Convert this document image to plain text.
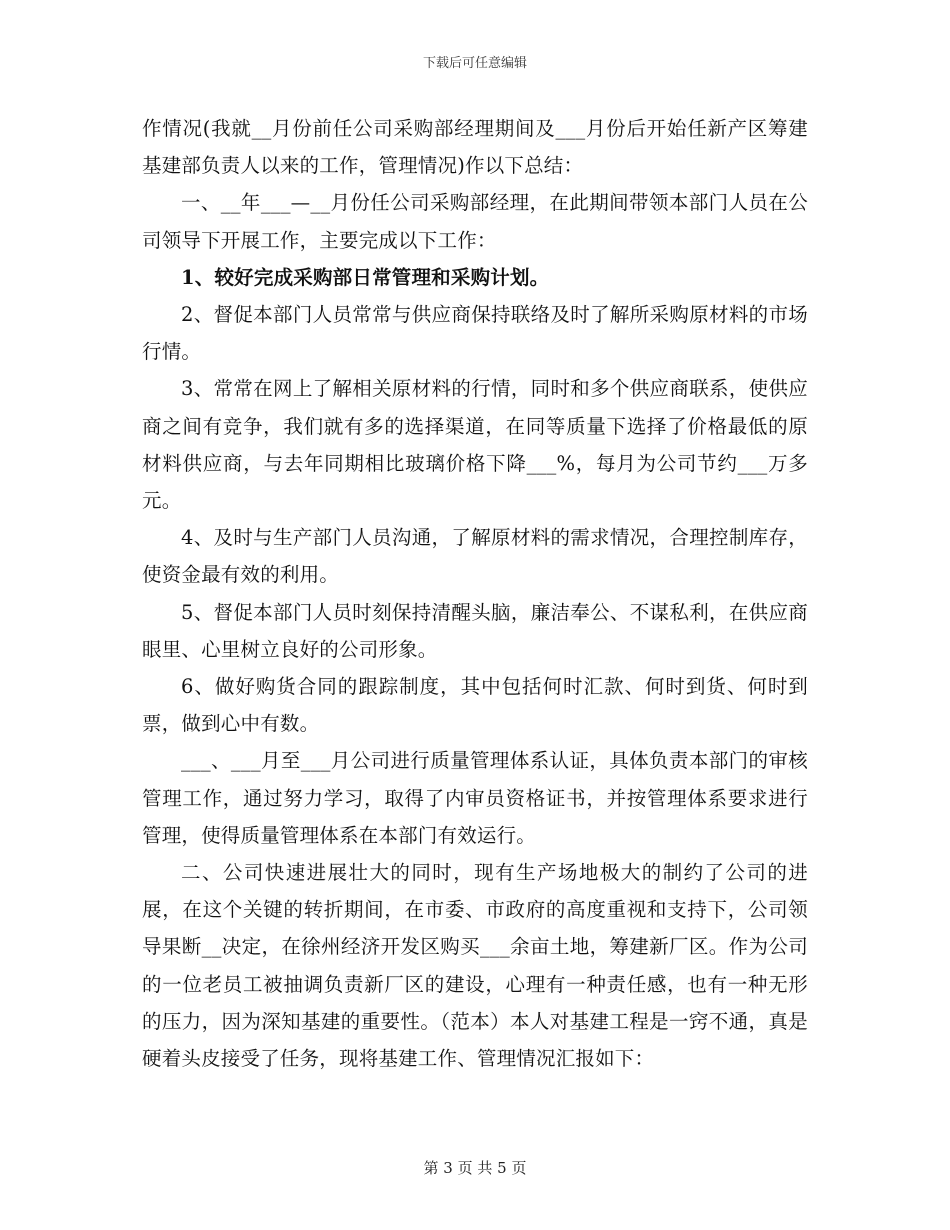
下载后可任意编辑

作情况(我就__月份前任公司采购部经理期间及___月份后开始任新产区筹建基建部负责人以来的工作，管理情况)作以下总结：

一、__年___—__月份任公司采购部经理，在此期间带领本部门人员在公司领导下开展工作，主要完成以下工作：

1、较好完成采购部日常管理和采购计划。

2、督促本部门人员常常与供应商保持联络及时了解所采购原材料的市场行情。

3、常常在网上了解相关原材料的行情，同时和多个供应商联系，使供应商之间有竞争，我们就有多的选择渠道，在同等质量下选择了价格最低的原材料供应商，与去年同期相比玻璃价格下降___%，每月为公司节约___万多元。

4、及时与生产部门人员沟通，了解原材料的需求情况，合理控制库存，使资金最有效的利用。

5、督促本部门人员时刻保持清醒头脑，廉洁奉公、不谋私利，在供应商眼里、心里树立良好的公司形象。

6、做好购货合同的跟踪制度，其中包括何时汇款、何时到货、何时到票，做到心中有数。

___、___月至___月公司进行质量管理体系认证，具体负责本部门的审核管理工作，通过努力学习，取得了内审员资格证书，并按管理体系要求进行管理，使得质量管理体系在本部门有效运行。

二、公司快速进展壮大的同时，现有生产场地极大的制约了公司的进展，在这个关键的转折期间，在市委、市政府的高度重视和支持下，公司领导果断__决定，在徐州经济开发区购买___余亩土地，筹建新厂区。作为公司的一位老员工被抽调负责新厂区的建设，心理有一种责任感，也有一种无形的压力，因为深知基建的重要性。（范本）本人对基建工程是一窍不通，真是硬着头皮接受了任务，现将基建工作、管理情况汇报如下：

第 3 页 共 5 页
